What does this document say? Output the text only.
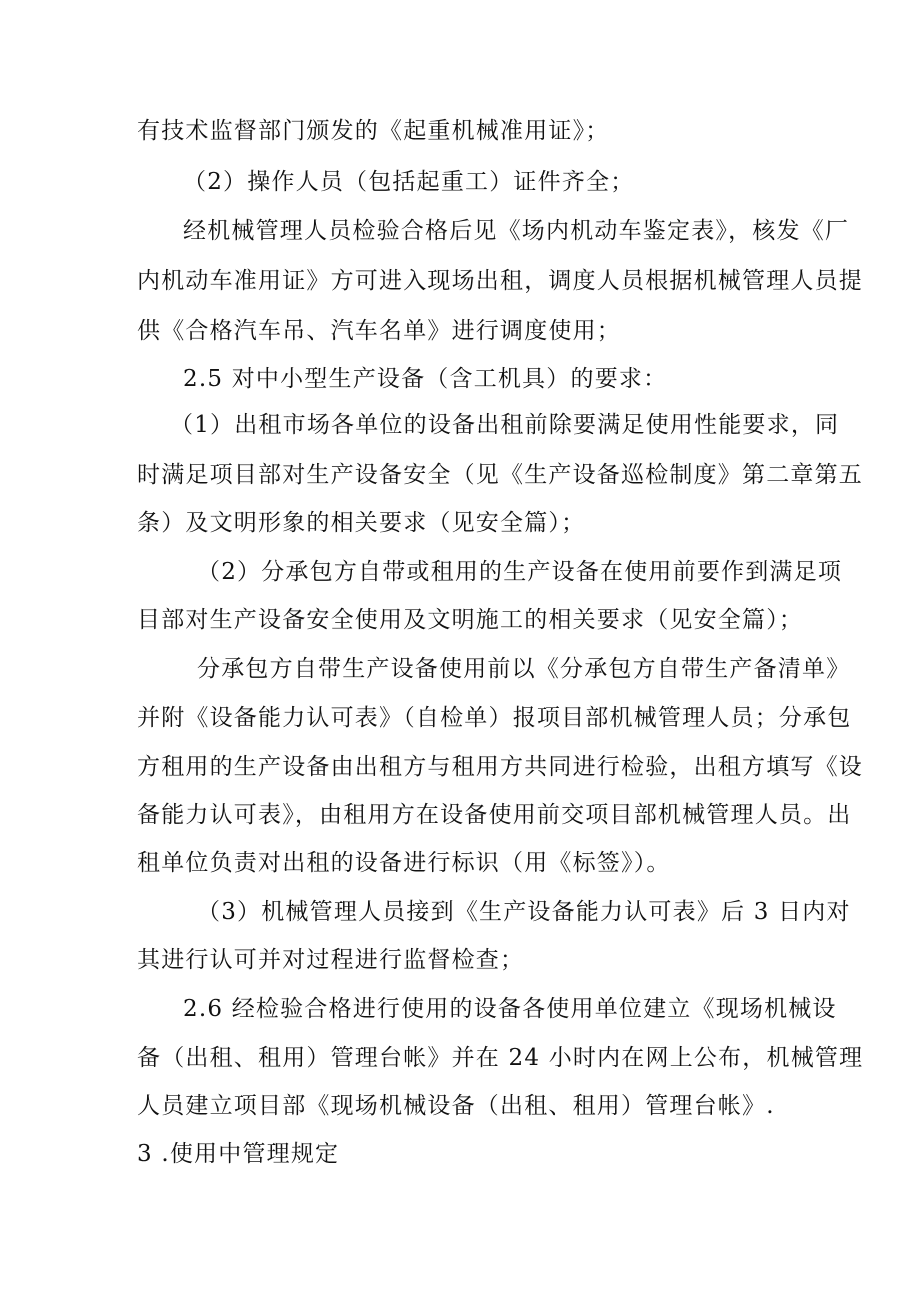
有技术监督部门颁发的《起重机械准用证》；
（2）操作人员（包括起重工）证件齐全；
经机械管理人员检验合格后见《场内机动车鉴定表》，核发《厂
内机动车准用证》方可进入现场出租，调度人员根据机械管理人员提
供《合格汽车吊、汽车名单》进行调度使用；
2.5 对中小型生产设备（含工机具）的要求：
（1）出租市场各单位的设备出租前除要满足使用性能要求，同
时满足项目部对生产设备安全（见《生产设备巡检制度》第二章第五
条）及文明形象的相关要求（见安全篇）；
（2）分承包方自带或租用的生产设备在使用前要作到满足项
目部对生产设备安全使用及文明施工的相关要求（见安全篇）；
分承包方自带生产设备使用前以《分承包方自带生产备清单》
并附《设备能力认可表》（自检单）报项目部机械管理人员；分承包
方租用的生产设备由出租方与租用方共同进行检验，出租方填写《设
备能力认可表》，由租用方在设备使用前交项目部机械管理人员。出
租单位负责对出租的设备进行标识（用《标签》）。
（3）机械管理人员接到《生产设备能力认可表》后 3 日内对
其进行认可并对过程进行监督检查；
2.6 经检验合格进行使用的设备各使用单位建立《现场机械设
备（出租、租用）管理台帐》并在 24 小时内在网上公布，机械管理
人员建立项目部《现场机械设备（出租、租用）管理台帐》.
3 .使用中管理规定
